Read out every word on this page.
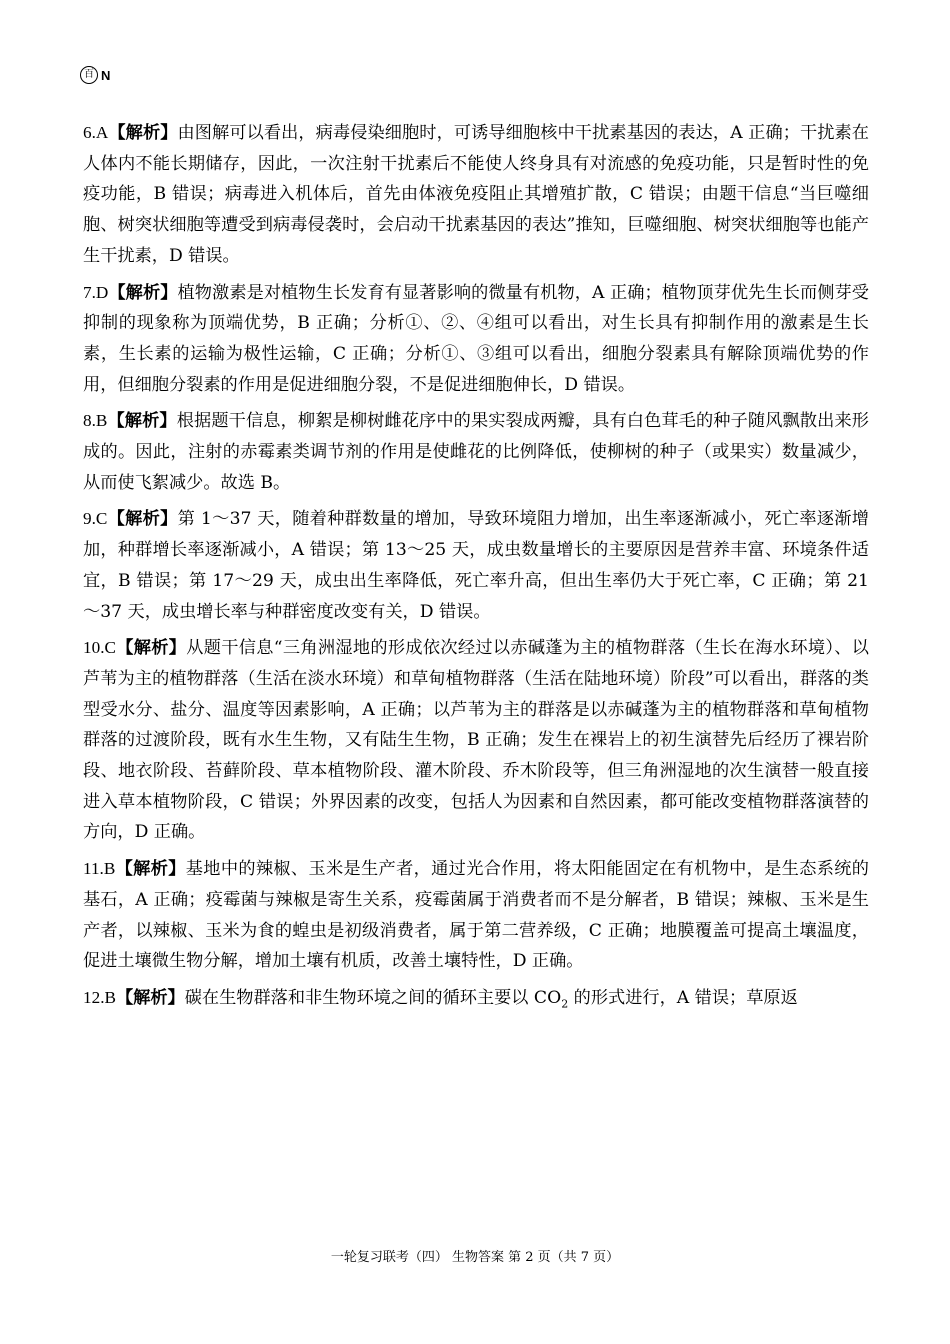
百 N

6.A【解析】由图解可以看出，病毒侵染细胞时，可诱导细胞核中干扰素基因的表达，A 正确；干扰素在人体内不能长期储存，因此，一次注射干扰素后不能使人终身具有对流感的免疫功能，只是暂时性的免疫功能，B 错误；病毒进入机体后，首先由体液免疫阻止其增殖扩散，C 错误；由题干信息“当巨噬细胞、树突状细胞等遭受到病毒侵袭时，会启动干扰素基因的表达”推知，巨噬细胞、树突状细胞等也能产生干扰素，D 错误。

7.D【解析】植物激素是对植物生长发育有显著影响的微量有机物，A 正确；植物顶芽优先生长而侧芽受抑制的现象称为顶端优势，B 正确；分析①、②、④组可以看出，对生长具有抑制作用的激素是生长素，生长素的运输为极性运输，C 正确；分析①、③组可以看出，细胞分裂素具有解除顶端优势的作用，但细胞分裂素的作用是促进细胞分裂，不是促进细胞伸长，D 错误。

8.B【解析】根据题干信息，柳絮是柳树雌花序中的果实裂成两瓣，具有白色茸毛的种子随风飘散出来形成的。因此，注射的赤霉素类调节剂的作用是使雌花的比例降低，使柳树的种子（或果实）数量减少，从而使飞絮减少。故选 B。

9.C【解析】第 1～37 天，随着种群数量的增加，导致环境阻力增加，出生率逐渐减小，死亡率逐渐增加，种群增长率逐渐减小，A 错误；第 13～25 天，成虫数量增长的主要原因是营养丰富、环境条件适宜，B 错误；第 17～29 天，成虫出生率降低，死亡率升高，但出生率仍大于死亡率，C 正确；第 21～37 天，成虫增长率与种群密度改变有关，D 错误。

10.C【解析】从题干信息“三角洲湿地的形成依次经过以赤碱蓬为主的植物群落（生长在海水环境）、以芦苇为主的植物群落（生活在淡水环境）和草甸植物群落（生活在陆地环境）阶段”可以看出，群落的类型受水分、盐分、温度等因素影响，A 正确；以芦苇为主的群落是以赤碱蓬为主的植物群落和草甸植物群落的过渡阶段，既有水生生物，又有陆生生物，B 正确；发生在裸岩上的初生演替先后经历了裸岩阶段、地衣阶段、苔藓阶段、草本植物阶段、灌木阶段、乔木阶段等，但三角洲湿地的次生演替一般直接进入草本植物阶段，C 错误；外界因素的改变，包括人为因素和自然因素，都可能改变植物群落演替的方向，D 正确。

11.B【解析】基地中的辣椒、玉米是生产者，通过光合作用，将太阳能固定在有机物中，是生态系统的基石，A 正确；疫霉菌与辣椒是寄生关系，疫霉菌属于消费者而不是分解者，B 错误；辣椒、玉米是生产者，以辣椒、玉米为食的蝗虫是初级消费者，属于第二营养级，C 正确；地膜覆盖可提高土壤温度，促进土壤微生物分解，增加土壤有机质，改善土壤特性，D 正确。

12.B【解析】碳在生物群落和非生物环境之间的循环主要以 $CO_2$ 的形式进行，A 错误；草原返

一轮复习联考（四） 生物答案 第 2 页（共 7 页）
